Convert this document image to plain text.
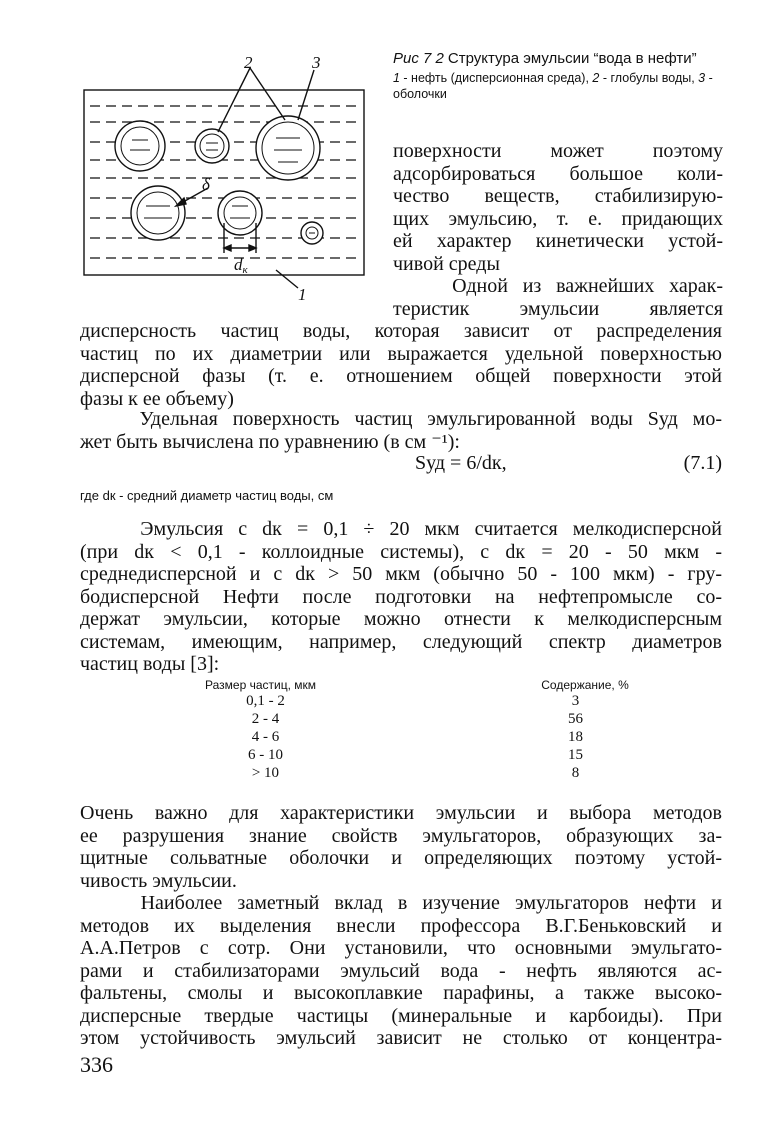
2	3
1
δ
dк
Рис 7 2 Структура эмульсии “вода в нефти”
1 - нефть (дисперсионная среда), 2 - глобулы воды, 3 - оболочки
поверхности может поэтому
адсорбироваться большое коли-
чество веществ, стабилизирую-
щих эмульсию, т. е. придающих
ей характер кинетически устой-
чивой среды
Одной из важнейших харак-
теристик эмульсии является
дисперсность частиц воды, которая зависит от распределения
частиц по их диаметрии или выражается удельной поверхностью
дисперсной фазы (т. е. отношением общей поверхности этой
фазы к ее объему)
Удельная поверхность частиц эмульгированной воды Sуд мо-
жет быть вычислена по уравнению (в см ⁻¹):
Sуд = 6/dк,	(7.1)
где dк - средний диаметр частиц воды, см
Эмульсия с dк = 0,1 ÷ 20 мкм считается мелкодисперсной
(при dк < 0,1 - коллоидные системы), с dк = 20 - 50 мкм -
среднедисперсной и с dк > 50 мкм (обычно 50 - 100 мкм) - гру-
бодисперсной Нефти после подготовки на нефтепромысле со-
держат эмульсии, которые можно отнести к мелкодисперсным
системам, имеющим, например, следующий спектр диаметров
частиц воды [3]:
Размер частиц, мкм	Содержание, %
0,1 - 2	3
2 - 4	56
4 - 6	18
6 - 10	15
> 10	8
Очень важно для характеристики эмульсии и выбора методов
ее разрушения знание свойств эмульгаторов, образующих за-
щитные сольватные оболочки и определяющих поэтому устой-
чивость эмульсии.
Наиболее заметный вклад в изучение эмульгаторов нефти и
методов их выделения внесли профессора В.Г.Беньковский и
А.А.Петров с сотр. Они установили, что основными эмульгато-
рами и стабилизаторами эмульсий вода - нефть являются ас-
фальтены, смолы и высокоплавкие парафины, а также высоко-
дисперсные твердые частицы (минеральные и карбоиды). При
этом устойчивость эмульсий зависит не столько от концентра-
336
